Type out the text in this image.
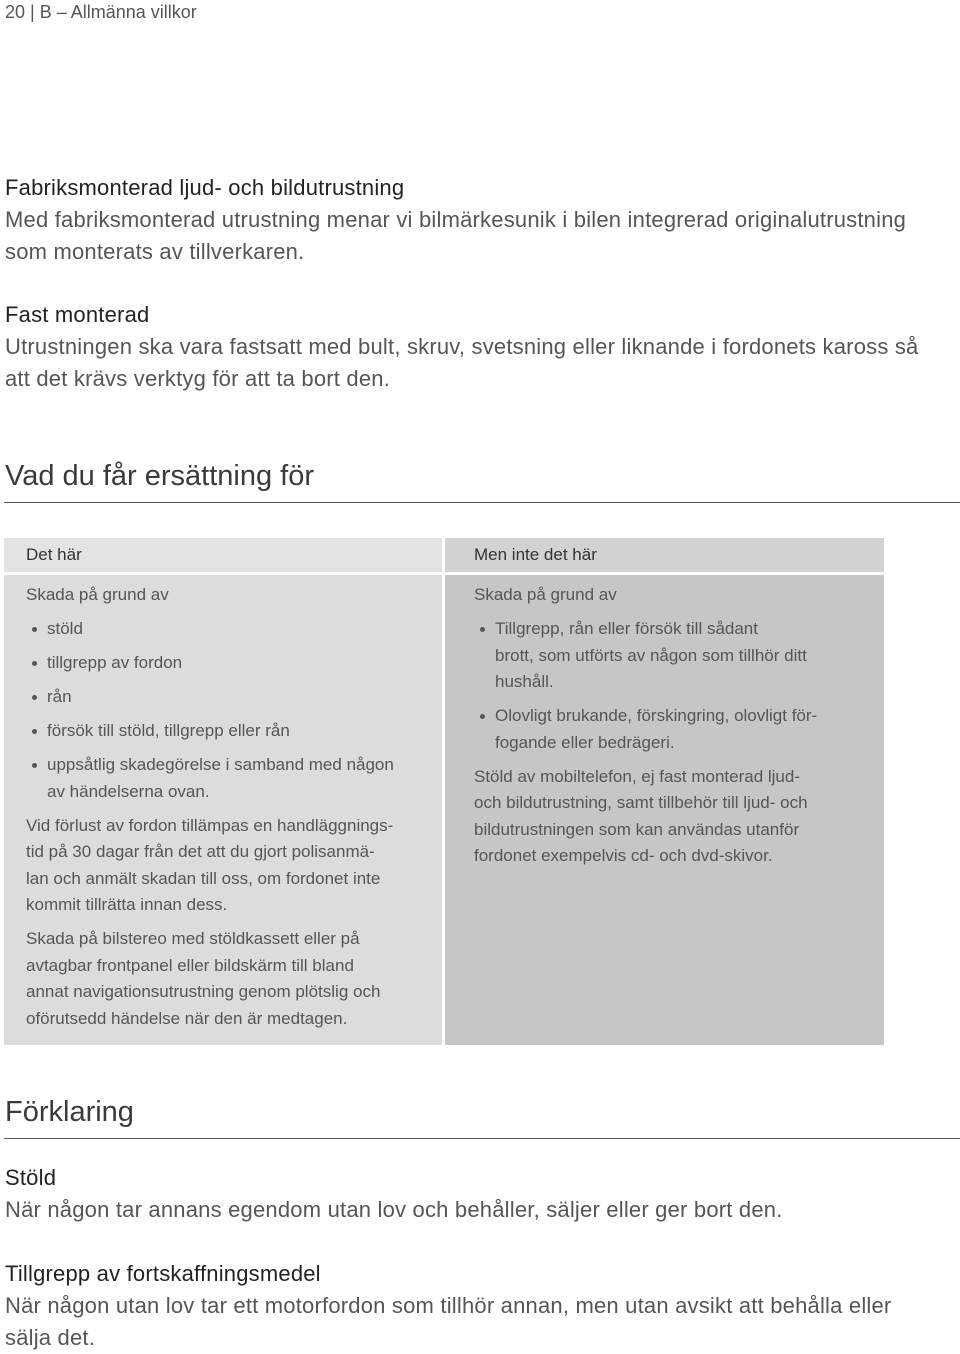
20 | B – Allmänna villkor
Fabriksmonterad ljud- och bildutrustning
Med fabriksmonterad utrustning menar vi bilmärkesunik i bilen integrerad originalutrustning
som monterats av tillverkaren.
Fast monterad
Utrustningen ska vara fastsatt med bult, skruv, svetsning eller liknande i fordonets kaross så
att det krävs verktyg för att ta bort den.
Vad du får ersättning för
Det här	Men inte det här
Skada på grund av
stöld
tillgrepp av fordon
rån
försök till stöld, tillgrepp eller rån
uppsåtlig skadegörelse i samband med någon
av händelserna ovan.
Vid förlust av fordon tillämpas en handläggnings-
tid på 30 dagar från det att du gjort polisanmä-
lan och anmält skadan till oss, om fordonet inte
kommit tillrätta innan dess.
Skada på bilstereo med stöldkassett eller på
avtagbar frontpanel eller bildskärm till bland
annat navigationsutrustning genom plötslig och
oförutsedd händelse när den är medtagen.
Skada på grund av
Tillgrepp, rån eller försök till sådant
brott, som utförts av någon som tillhör ditt
hushåll.
Olovligt brukande, förskingring, olovligt för-
fogande eller bedrägeri.
Stöld av mobiltelefon, ej fast monterad ljud-
och bildutrustning, samt tillbehör till ljud- och
bildutrustningen som kan användas utanför
fordonet exempelvis cd- och dvd-skivor.
Förklaring
Stöld
När någon tar annans egendom utan lov och behåller, säljer eller ger bort den.
Tillgrepp av fortskaffningsmedel
När någon utan lov tar ett motorfordon som tillhör annan, men utan avsikt att behålla eller
sälja det.
